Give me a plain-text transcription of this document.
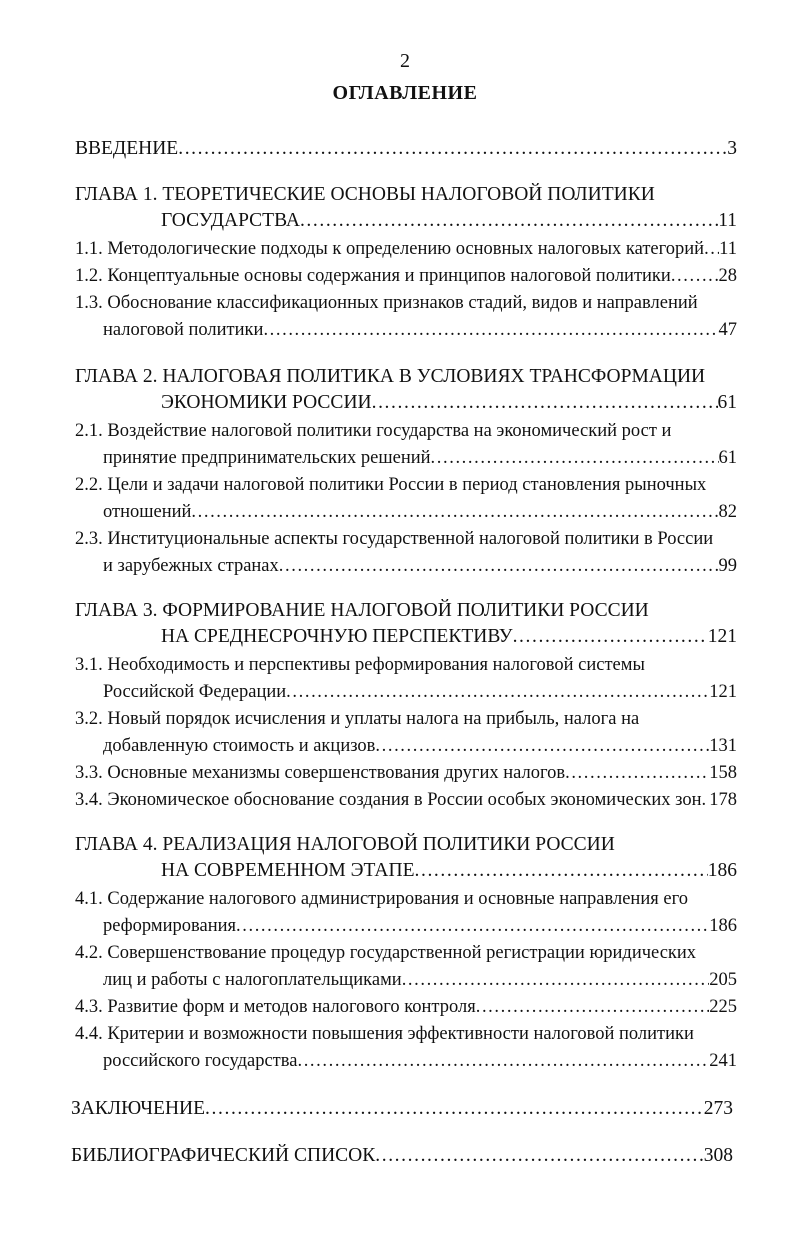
2
ОГЛАВЛЕНИЕ
ВВЕДЕНИЕ .....	3
ГЛАВА 1. ТЕОРЕТИЧЕСКИЕ ОСНОВЫ НАЛОГОВОЙ ПОЛИТИКИ
ГОСУДАРСТВА .....	11
1.1. Методологические подходы к определению основных налоговых категорий ..... 11
1.2. Концептуальные основы содержания и принципов налоговой политики .....	28
1.3. Обоснование классификационных признаков стадий, видов и направлений
налоговой политики .....	47
ГЛАВА 2. НАЛОГОВАЯ ПОЛИТИКА В УСЛОВИЯХ ТРАНСФОРМАЦИИ
ЭКОНОМИКИ РОССИИ .....	61
2.1. Воздействие налоговой политики государства на экономический рост и
принятие предпринимательских решений .....	61
2.2. Цели и задачи налоговой политики России в период становления рыночных
отношений .....	82
2.3. Институциональные аспекты государственной налоговой политики в России
и зарубежных странах .....	99
ГЛАВА 3. ФОРМИРОВАНИЕ НАЛОГОВОЙ ПОЛИТИКИ РОССИИ
НА СРЕДНЕСРОЧНУЮ ПЕРСПЕКТИВУ .....	121
3.1. Необходимость и перспективы реформирования налоговой системы
Российской Федерации .....	121
3.2. Новый порядок исчисления и уплаты налога на прибыль, налога на
добавленную стоимость и акцизов .....	131
3.3. Основные механизмы совершенствования других налогов .....	158
3.4. Экономическое обоснование создания в России особых экономических зон ..... 178
ГЛАВА 4. РЕАЛИЗАЦИЯ НАЛОГОВОЙ ПОЛИТИКИ РОССИИ
НА СОВРЕМЕННОМ ЭТАПЕ .....	186
4.1. Содержание налогового администрирования и основные направления его
реформирования .....	186
4.2. Совершенствование процедур государственной регистрации юридических
лиц и работы с налогоплательщиками .....	205
4.3. Развитие форм и методов налогового контроля .....	225
4.4. Критерии и возможности повышения эффективности налоговой политики
российского государства .....	241
ЗАКЛЮЧЕНИЕ .....	273
БИБЛИОГРАФИЧЕСКИЙ СПИСОК .....	308
